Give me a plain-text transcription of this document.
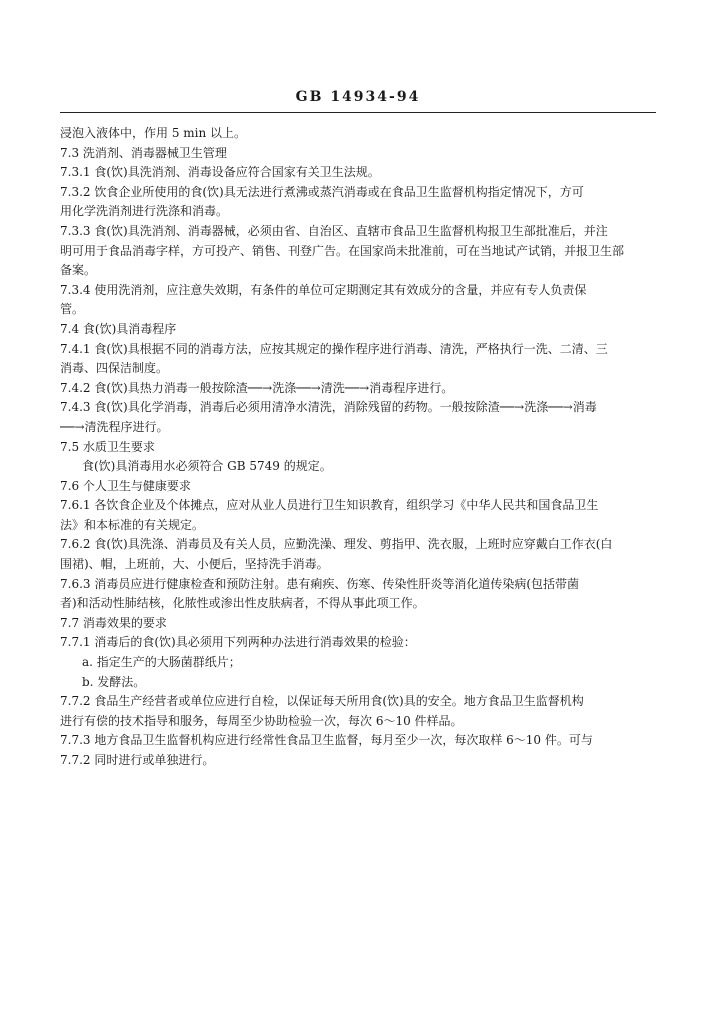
GB 14934-94

浸泡入液体中，作用 5 min 以上。

7.3 洗消剂、消毒器械卫生管理

7.3.1 食(饮)具洗消剂、消毒设备应符合国家有关卫生法规。

7.3.2 饮食企业所使用的食(饮)具无法进行煮沸或蒸汽消毒或在食品卫生监督机构指定情况下，方可

用化学洗消剂进行洗涤和消毒。

7.3.3 食(饮)具洗消剂、消毒器械，必须由省、自治区、直辖市食品卫生监督机构报卫生部批准后，并注

明可用于食品消毒字样，方可投产、销售、刊登广告。在国家尚未批准前，可在当地试产试销，并报卫生部

备案。

7.3.4 使用洗消剂，应注意失效期，有条件的单位可定期测定其有效成分的含量，并应有专人负责保

管。

7.4 食(饮)具消毒程序

7.4.1 食(饮)具根据不同的消毒方法，应按其规定的操作程序进行消毒、清洗，严格执行一洗、二清、三

消毒、四保洁制度。

7.4.2 食(饮)具热力消毒一般按除渣──→洗涤──→清洗──→消毒程序进行。

7.4.3 食(饮)具化学消毒，消毒后必须用清净水清洗，消除残留的药物。一般按除渣──→洗涤──→消毒

──→清洗程序进行。

7.5 水质卫生要求

食(饮)具消毒用水必须符合 GB 5749 的规定。

7.6 个人卫生与健康要求

7.6.1 各饮食企业及个体摊点，应对从业人员进行卫生知识教育，组织学习《中华人民共和国食品卫生

法》和本标准的有关规定。

7.6.2 食(饮)具洗涤、消毒员及有关人员，应勤洗澡、理发、剪指甲、洗衣服，上班时应穿戴白工作衣(白

围裙)、帽，上班前，大、小便后，坚持洗手消毒。

7.6.3 消毒员应进行健康检查和预防注射。患有痢疾、伤寒、传染性肝炎等消化道传染病(包括带菌

者)和活动性肺结核，化脓性或渗出性皮肤病者，不得从事此项工作。

7.7 消毒效果的要求

7.7.1 消毒后的食(饮)具必须用下列两种办法进行消毒效果的检验：

a. 指定生产的大肠菌群纸片；

b. 发酵法。

7.7.2 食品生产经营者或单位应进行自检，以保证每天所用食(饮)具的安全。地方食品卫生监督机构

进行有偿的技术指导和服务，每周至少协助检验一次，每次 6～10 件样品。

7.7.3 地方食品卫生监督机构应进行经常性食品卫生监督，每月至少一次，每次取样 6～10 件。可与

7.7.2 同时进行或单独进行。
